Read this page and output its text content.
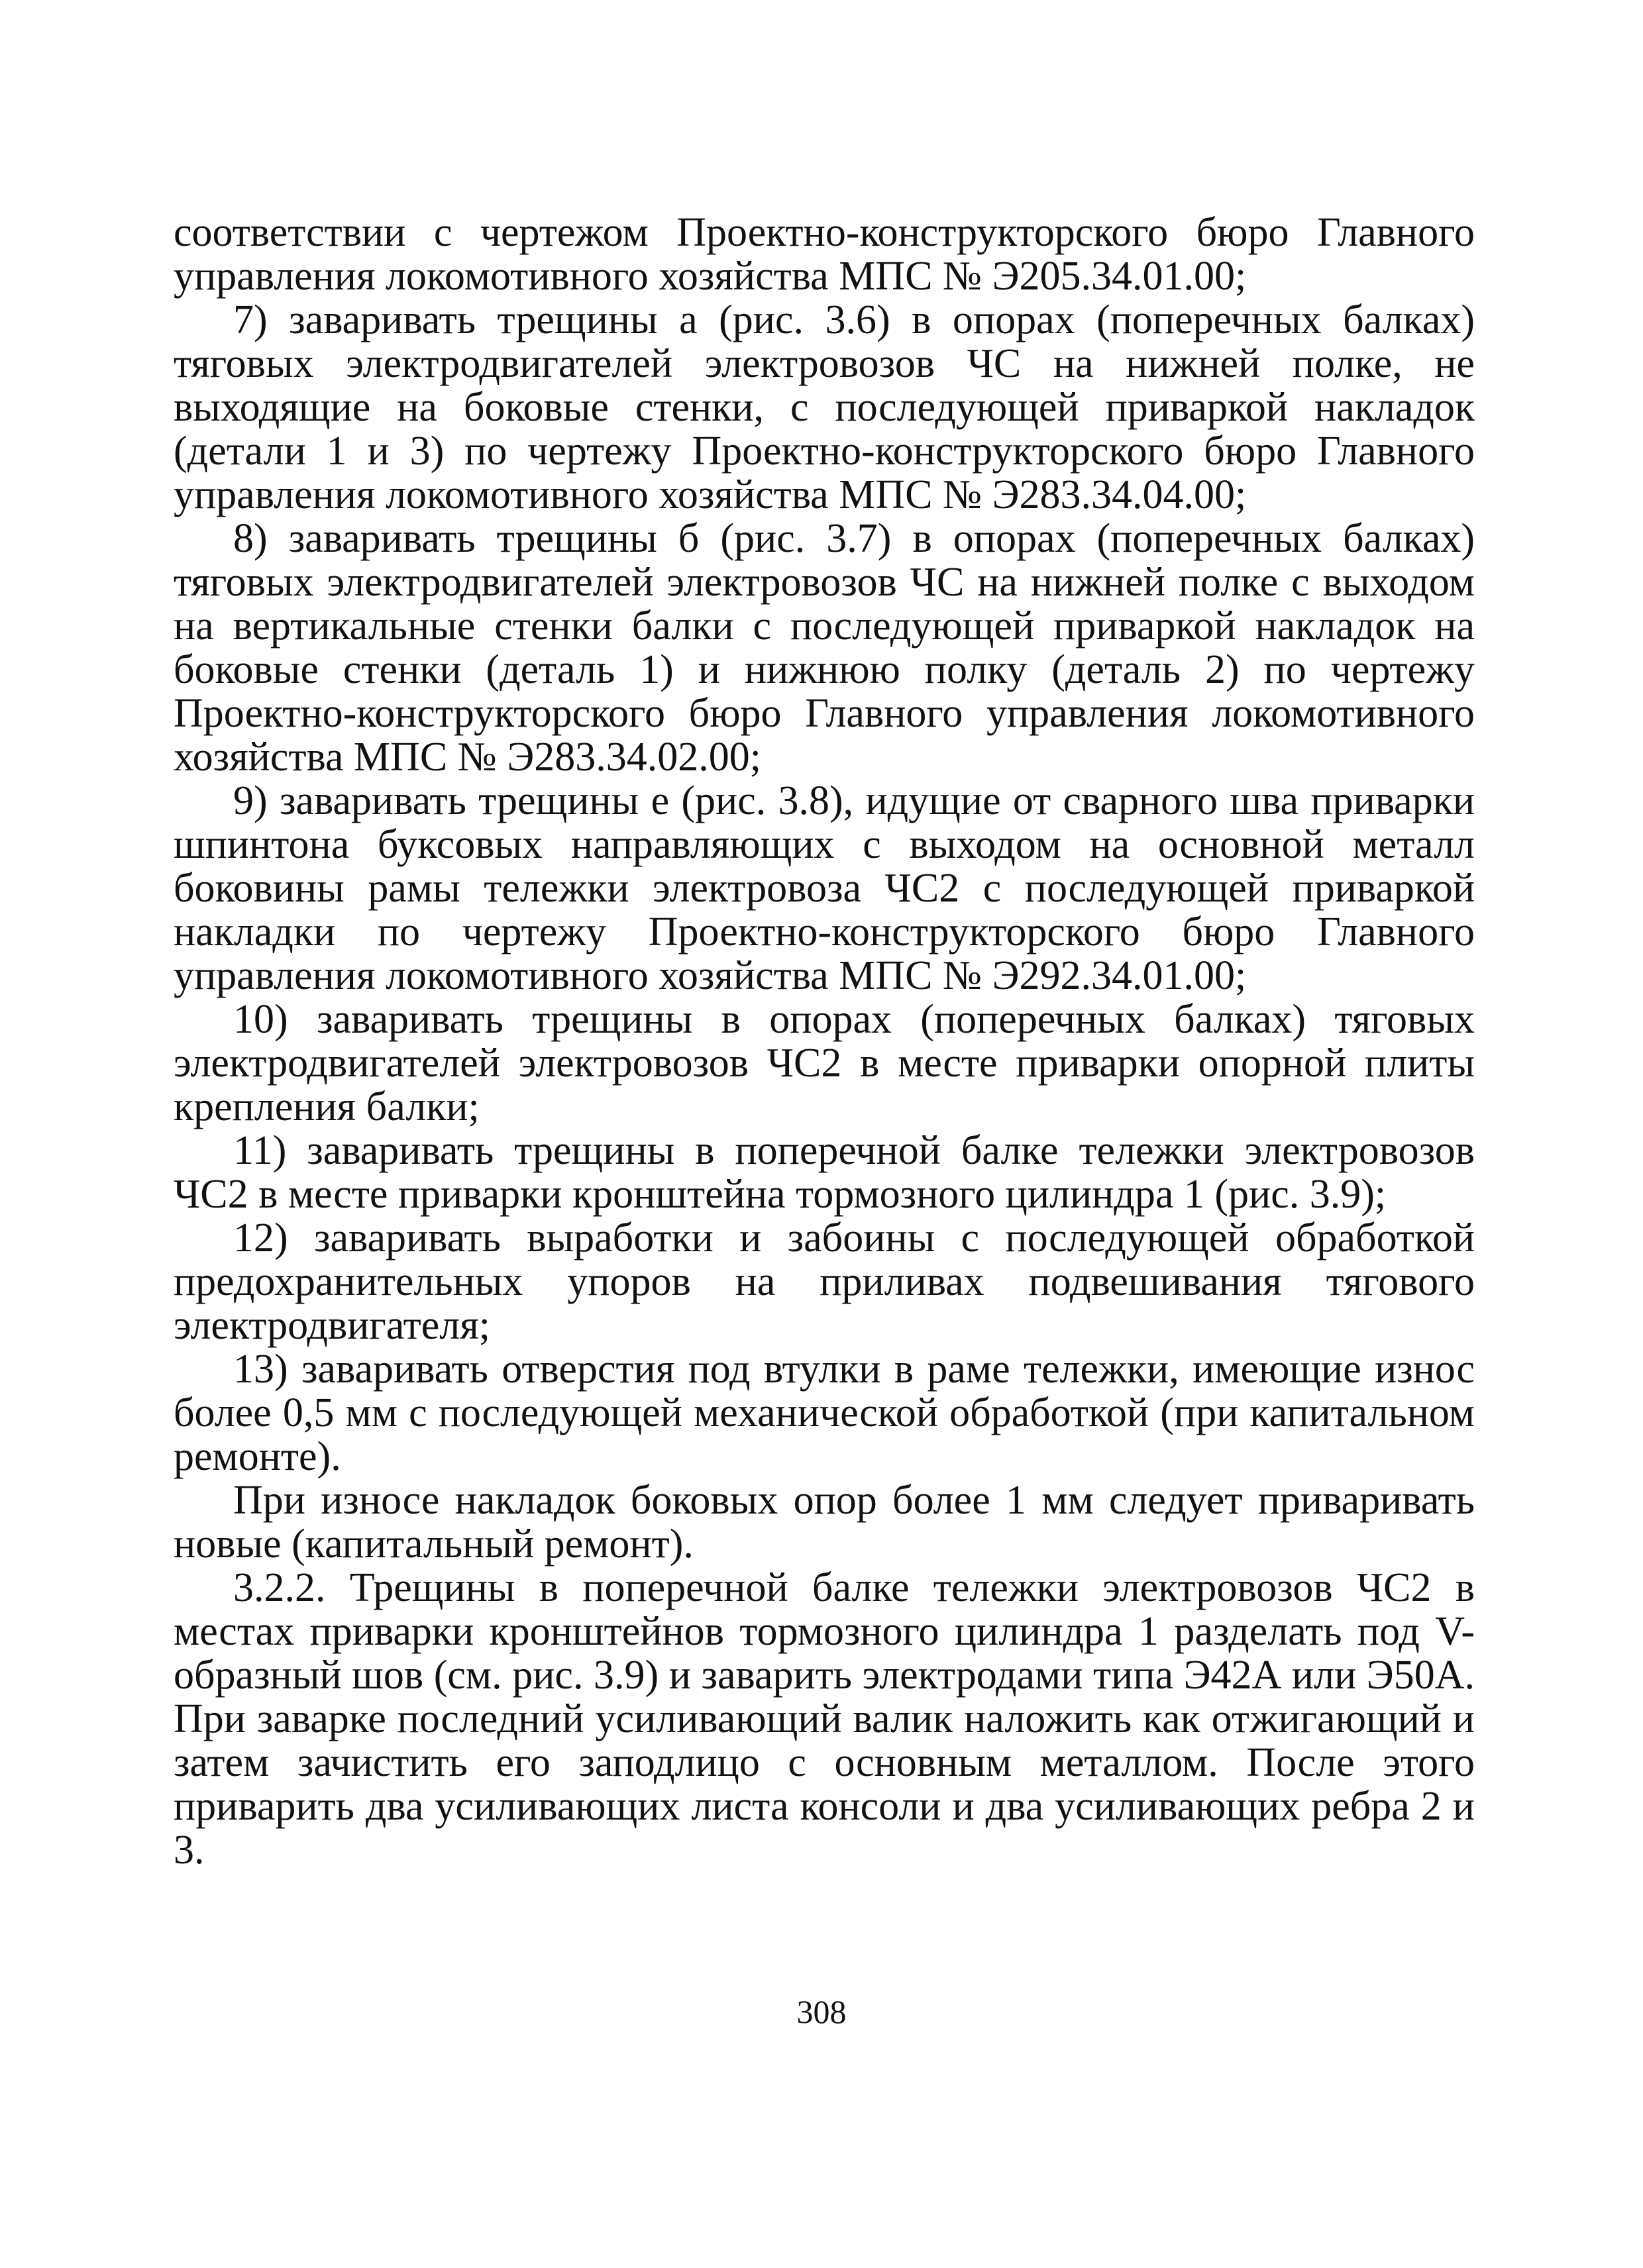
соответствии с чертежом Проектно-конструкторского бюро Главного управления локомотивного хозяйства МПС № Э205.34.01.00;

7) заваривать трещины а (рис. 3.6) в опорах (поперечных балках) тяговых электродвигателей электровозов ЧС на нижней полке, не выходящие на боковые стенки, с последующей приваркой накладок (детали 1 и 3) по чертежу Проектно-конструкторского бюро Главного управления локомотивного хозяйства МПС № Э283.34.04.00;

8) заваривать трещины б (рис. 3.7) в опорах (поперечных балках) тяговых электродвигателей электровозов ЧС на нижней полке с выходом на вертикальные стенки балки с последующей приваркой накладок на боковые стенки (деталь 1) и нижнюю полку (деталь 2) по чертежу Проектно-конструкторского бюро Главного управления локомотивного хозяйства МПС № Э283.34.02.00;

9) заваривать трещины е (рис. 3.8), идущие от сварного шва приварки шпинтона буксовых направляющих с выходом на основной металл боковины рамы тележки электровоза ЧС2 с последующей приваркой накладки по чертежу Проектно-конструкторского бюро Главного управления локомотивного хозяйства МПС № Э292.34.01.00;

10) заваривать трещины в опорах (поперечных балках) тяговых электродвигателей электровозов ЧС2 в месте приварки опорной плиты крепления балки;

11) заваривать трещины в поперечной балке тележки электровозов ЧС2 в месте приварки кронштейна тормозного цилиндра 1 (рис. 3.9);

12) заваривать выработки и забоины с последующей обработкой предохранительных упоров на приливах подвешивания тягового электродвигателя;

13) заваривать отверстия под втулки в раме тележки, имеющие износ более 0,5 мм с последующей механической обработкой (при капитальном ремонте).

При износе накладок боковых опор более 1 мм следует приваривать новые (капитальный ремонт).

3.2.2. Трещины в поперечной балке тележки электровозов ЧС2 в местах приварки кронштейнов тормозного цилиндра 1 разделать под V-образный шов (см. рис. 3.9) и заварить электродами типа Э42А или Э50А. При заварке последний усиливающий валик наложить как отжигающий и затем зачистить его заподлицо с основным металлом. После этого приварить два усиливающих листа консоли и два усиливающих ребра 2 и 3.

308
